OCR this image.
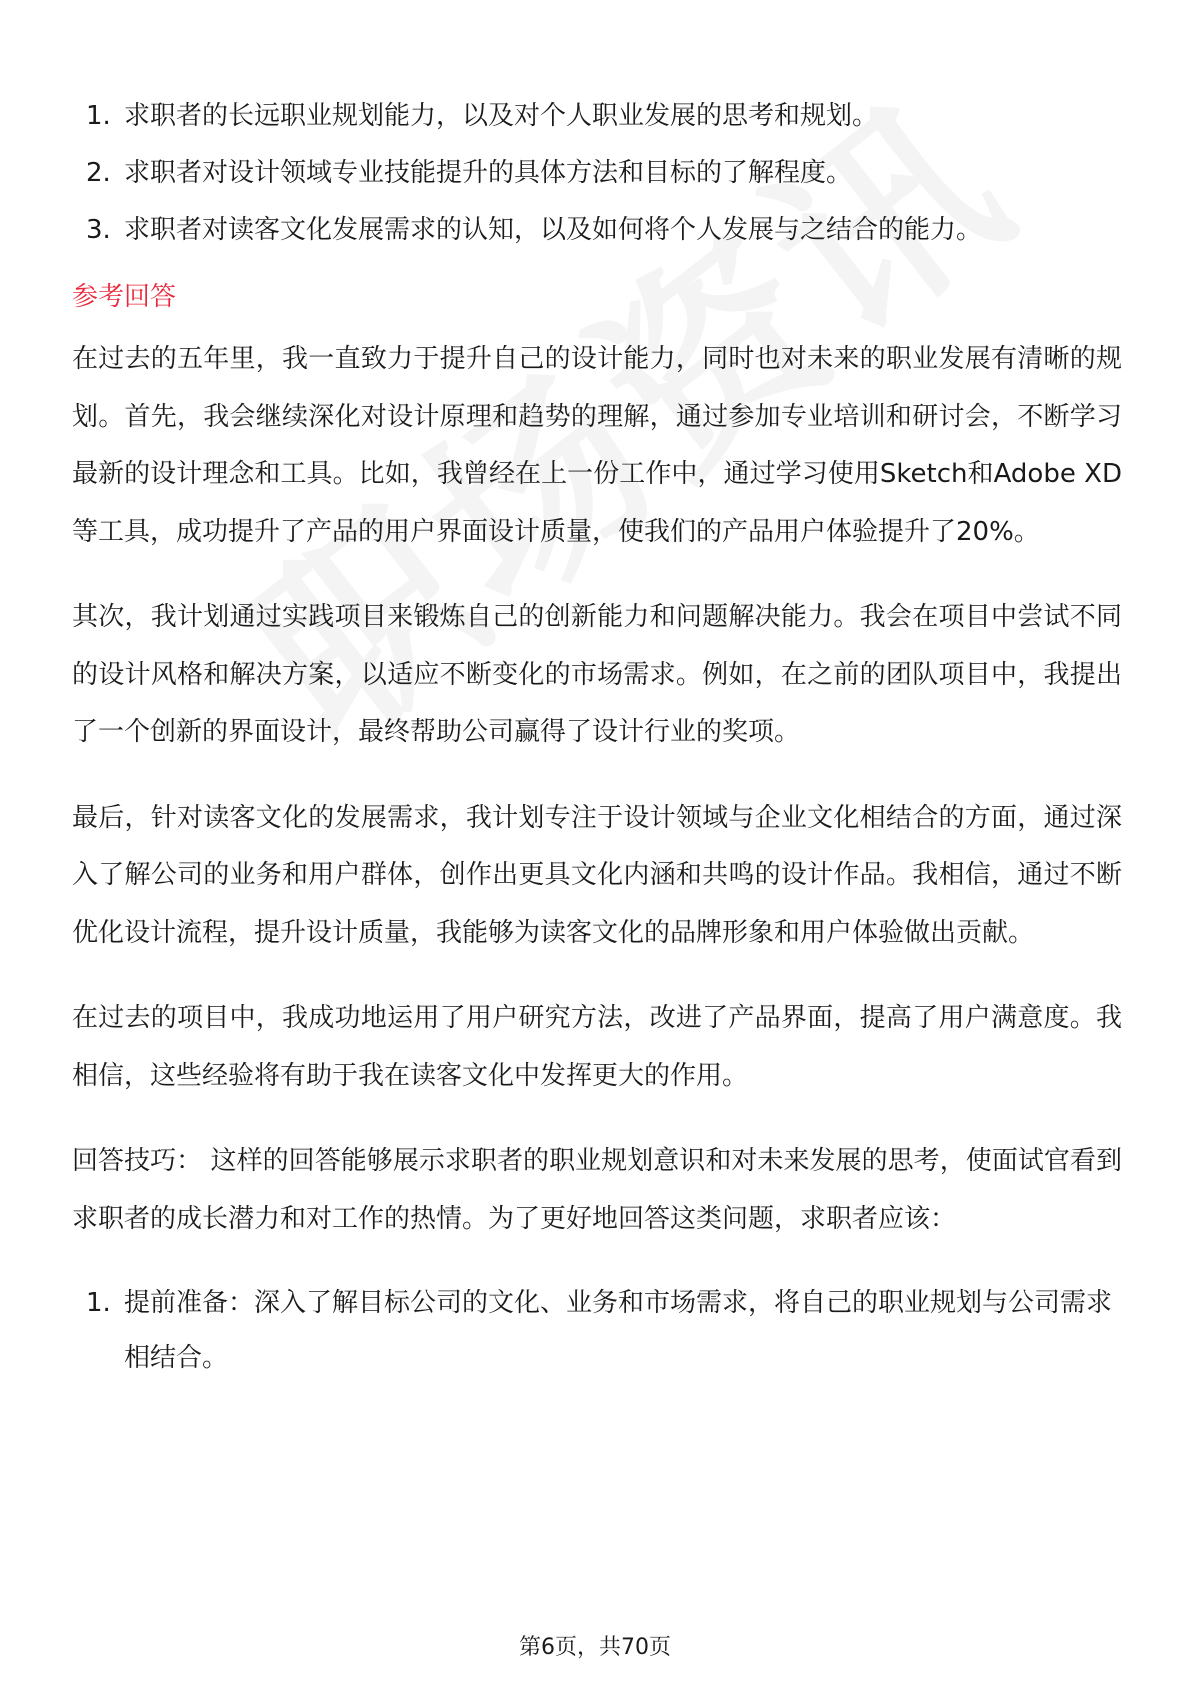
1. 求职者的长远职业规划能力，以及对个人职业发展的思考和规划。
2. 求职者对设计领域专业技能提升的具体方法和目标的了解程度。
3. 求职者对读客文化发展需求的认知，以及如何将个人发展与之结合的能力。
参考回答

在过去的五年里，我一直致力于提升自己的设计能力，同时也对未来的职业发展有清晰的规划。首先，我会继续深化对设计原理和趋势的理解，通过参加专业培训和研讨会，不断学习最新的设计理念和工具。比如，我曾经在上一份工作中，通过学习使用Sketch和Adobe XD等工具，成功提升了产品的用户界面设计质量，使我们的产品用户体验提升了20%。

其次，我计划通过实践项目来锻炼自己的创新能力和问题解决能力。我会在项目中尝试不同的设计风格和解决方案，以适应不断变化的市场需求。例如，在之前的团队项目中，我提出了一个创新的界面设计，最终帮助公司赢得了设计行业的奖项。

最后，针对读客文化的发展需求，我计划专注于设计领域与企业文化相结合的方面，通过深入了解公司的业务和用户群体，创作出更具文化内涵和共鸣的设计作品。我相信，通过不断优化设计流程，提升设计质量，我能够为读客文化的品牌形象和用户体验做出贡献。

在过去的项目中，我成功地运用了用户研究方法，改进了产品界面，提高了用户满意度。我相信，这些经验将有助于我在读客文化中发挥更大的作用。

回答技巧： 这样的回答能够展示求职者的职业规划意识和对未来发展的思考，使面试官看到求职者的成长潜力和对工作的热情。为了更好地回答这类问题，求职者应该：

1. 提前准备：深入了解目标公司的文化、业务和市场需求，将自己的职业规划与公司需求相结合。
第6页，共70页
